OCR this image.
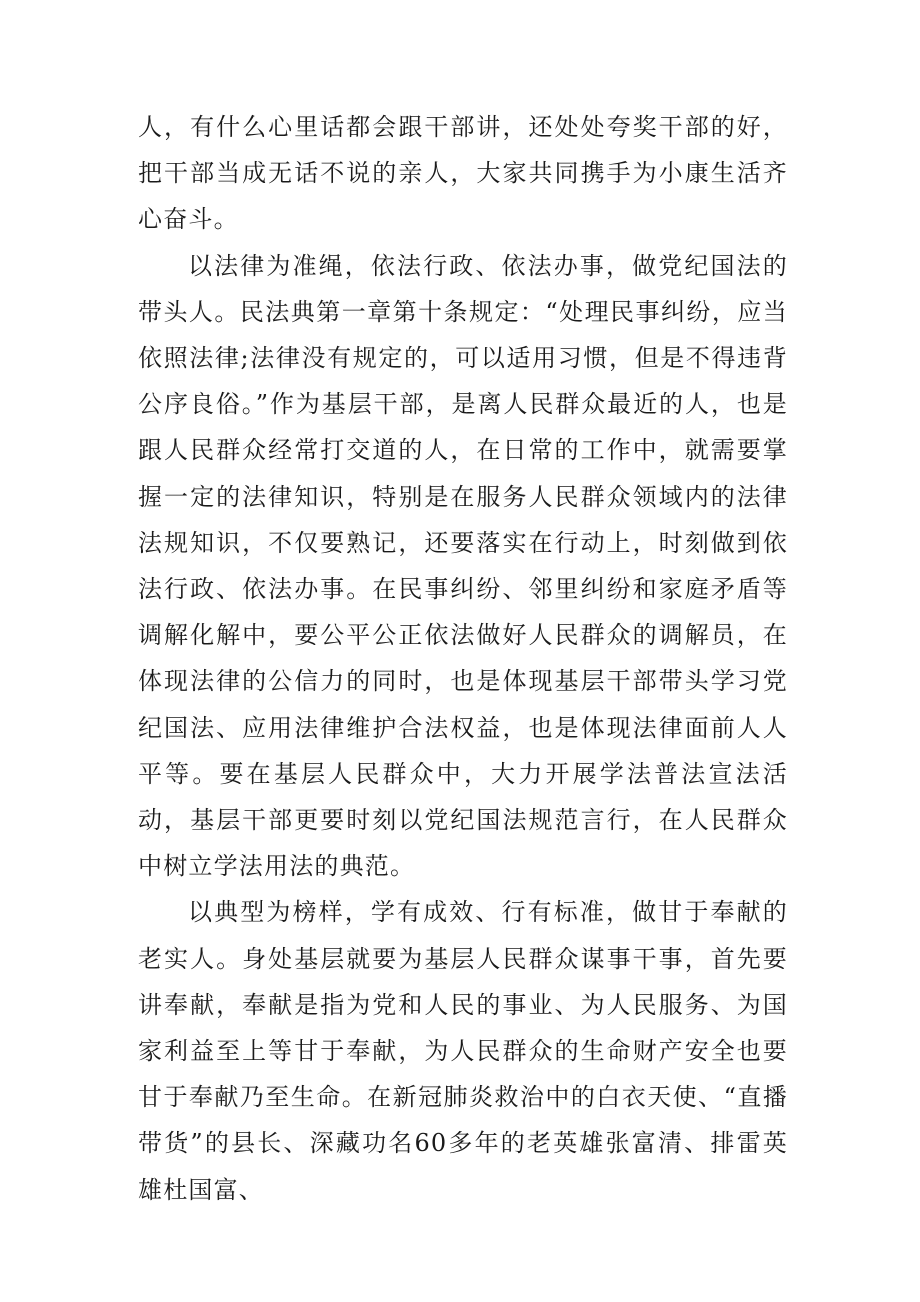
人，有什么心里话都会跟干部讲，还处处夸奖干部的好，把干部当成无话不说的亲人，大家共同携手为小康生活齐心奋斗。

以法律为准绳，依法行政、依法办事，做党纪国法的带头人。民法典第一章第十条规定：“处理民事纠纷，应当依照法律;法律没有规定的，可以适用习惯，但是不得违背公序良俗。”作为基层干部，是离人民群众最近的人，也是跟人民群众经常打交道的人，在日常的工作中，就需要掌握一定的法律知识，特别是在服务人民群众领域内的法律法规知识，不仅要熟记，还要落实在行动上，时刻做到依法行政、依法办事。在民事纠纷、邻里纠纷和家庭矛盾等调解化解中，要公平公正依法做好人民群众的调解员，在体现法律的公信力的同时，也是体现基层干部带头学习党纪国法、应用法律维护合法权益，也是体现法律面前人人平等。要在基层人民群众中，大力开展学法普法宣法活动，基层干部更要时刻以党纪国法规范言行，在人民群众中树立学法用法的典范。

以典型为榜样，学有成效、行有标准，做甘于奉献的老实人。身处基层就要为基层人民群众谋事干事，首先要讲奉献，奉献是指为党和人民的事业、为人民服务、为国家利益至上等甘于奉献，为人民群众的生命财产安全也要甘于奉献乃至生命。在新冠肺炎救治中的白衣天使、“直播带货”的县长、深藏功名60多年的老英雄张富清、排雷英雄杜国富、
